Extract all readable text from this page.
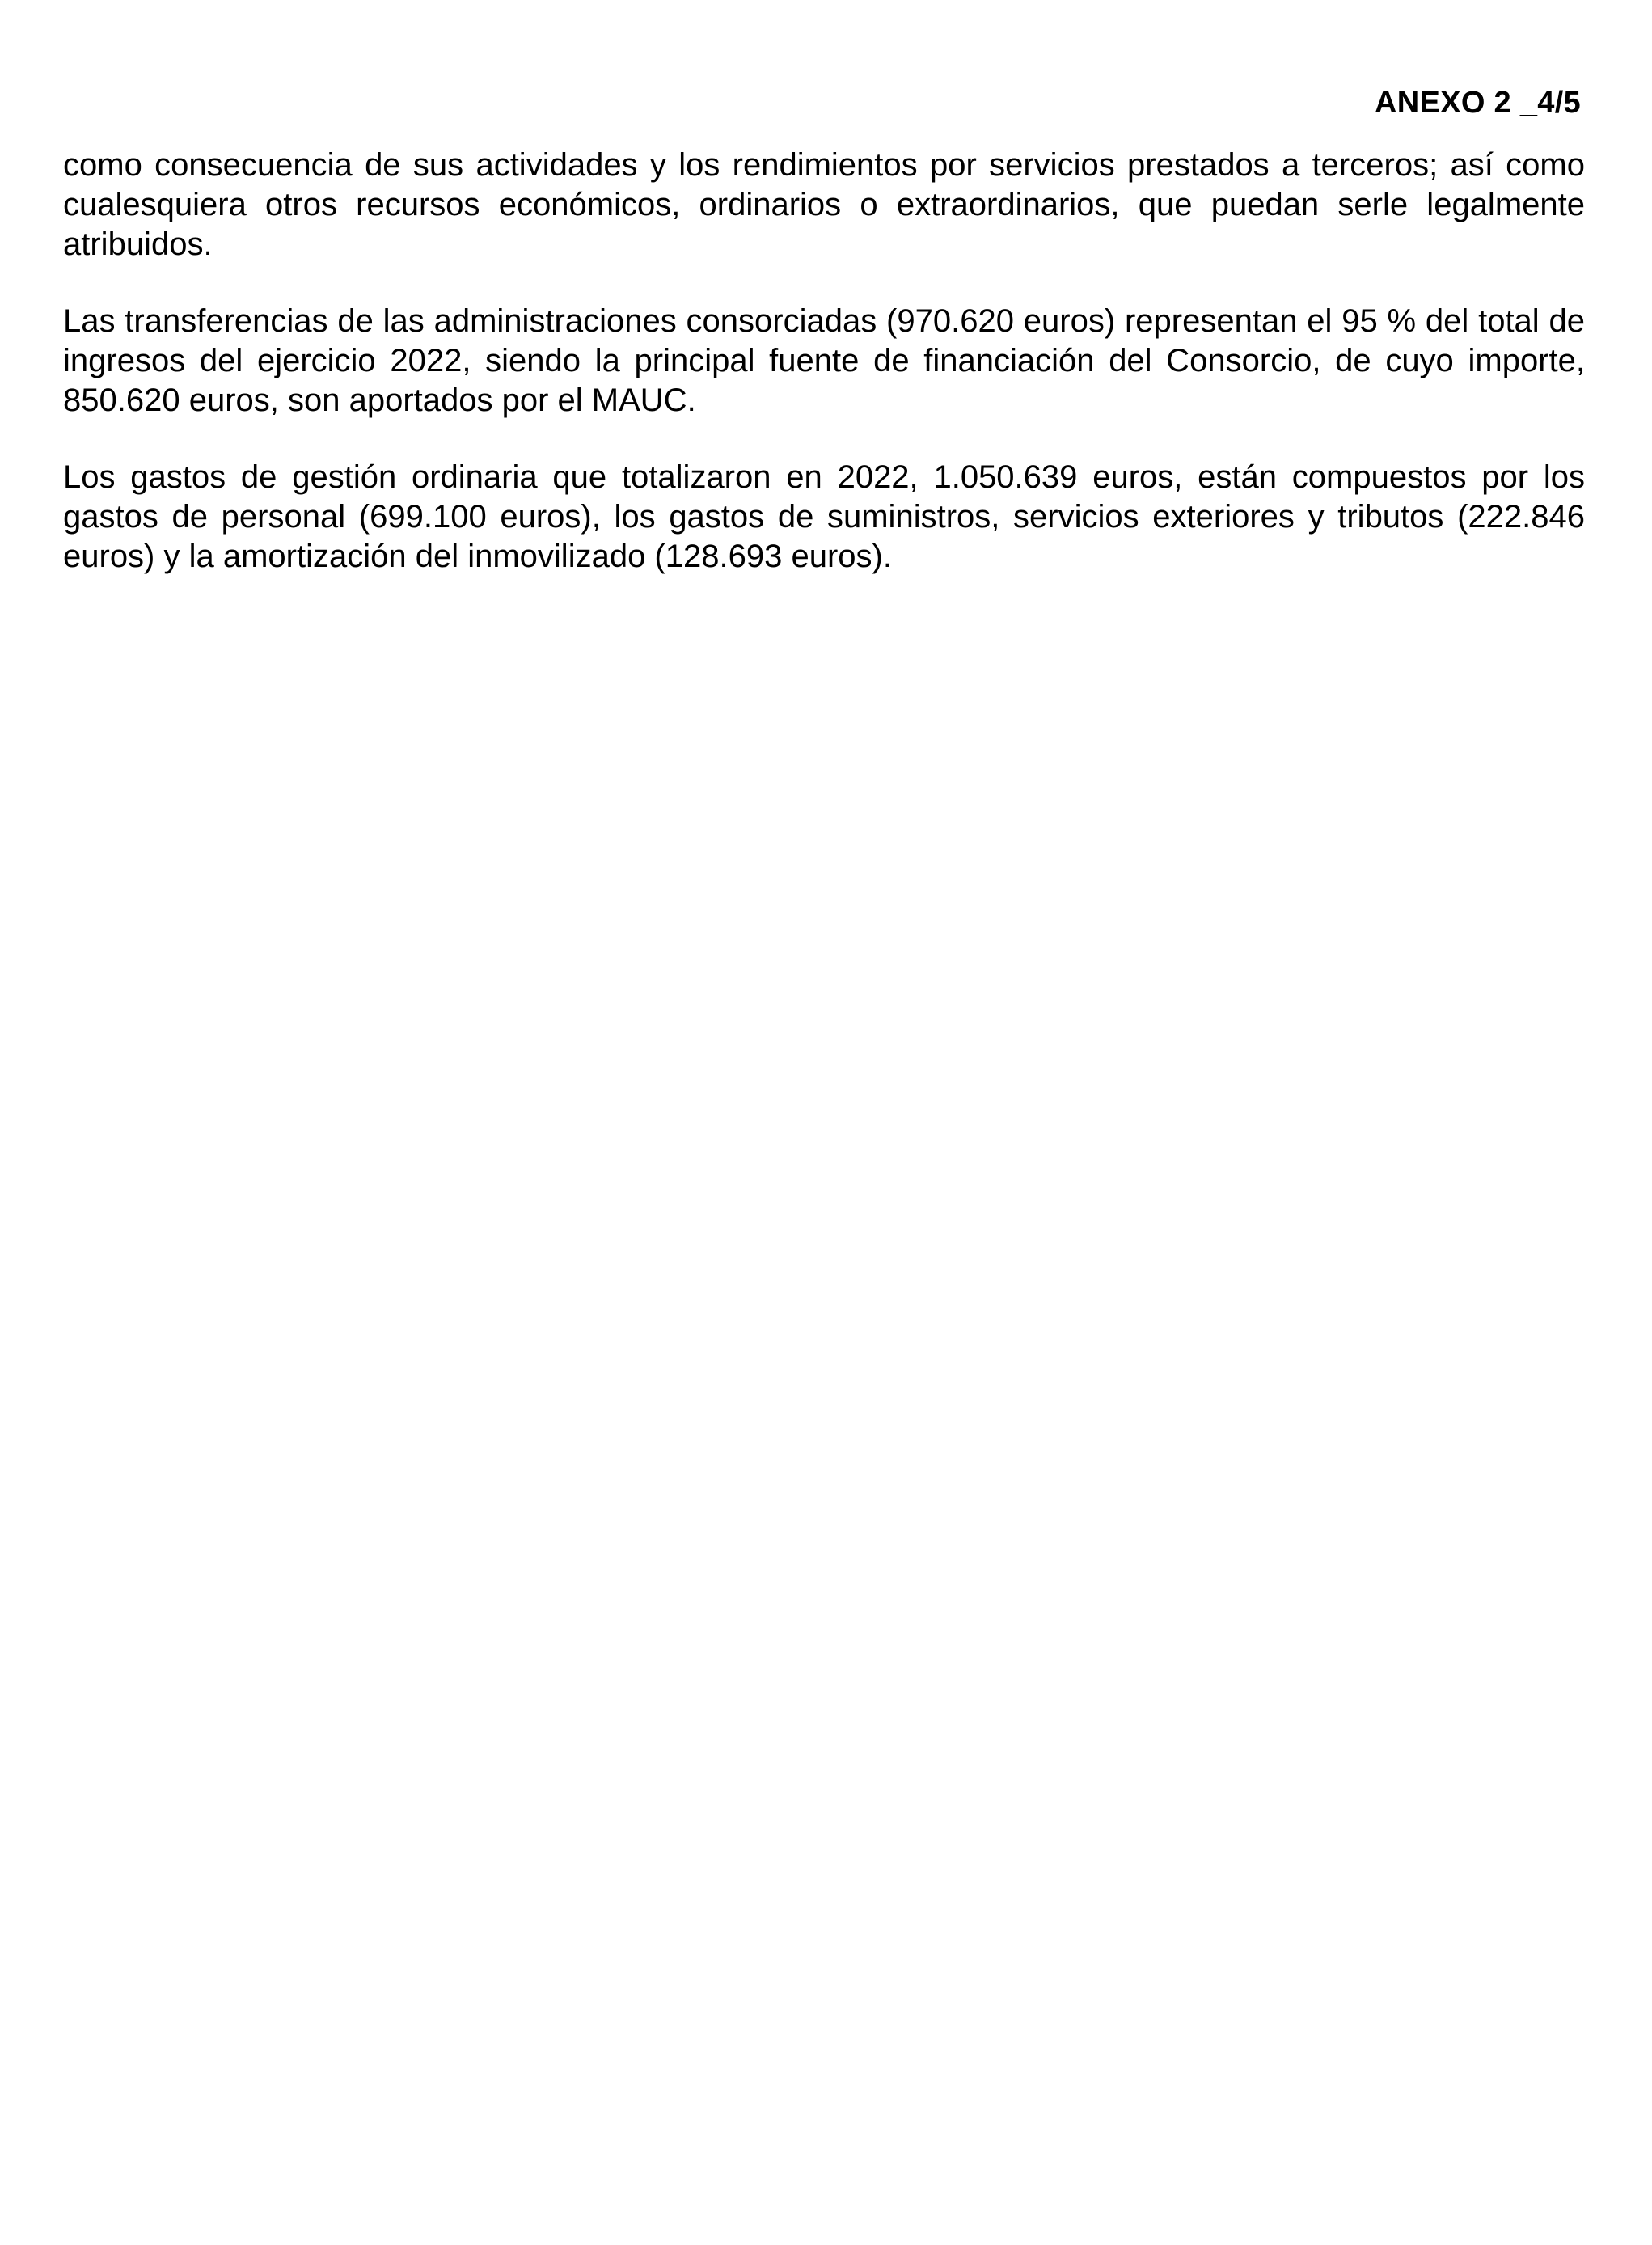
ANEXO 2 _4/5

como consecuencia de sus actividades y los rendimientos por servicios prestados a terceros; así como cualesquiera otros recursos económicos, ordinarios o extraordinarios, que puedan serle legalmente atribuidos.

Las transferencias de las administraciones consorciadas (970.620 euros) representan el 95 % del total de ingresos del ejercicio 2022, siendo la principal fuente de financiación del Consorcio, de cuyo importe, 850.620 euros, son aportados por el MAUC.

Los gastos de gestión ordinaria que totalizaron en 2022, 1.050.639 euros, están compuestos por los gastos de personal (699.100 euros), los gastos de suministros, servicios exteriores y tributos (222.846 euros) y la amortización del inmovilizado (128.693 euros).
